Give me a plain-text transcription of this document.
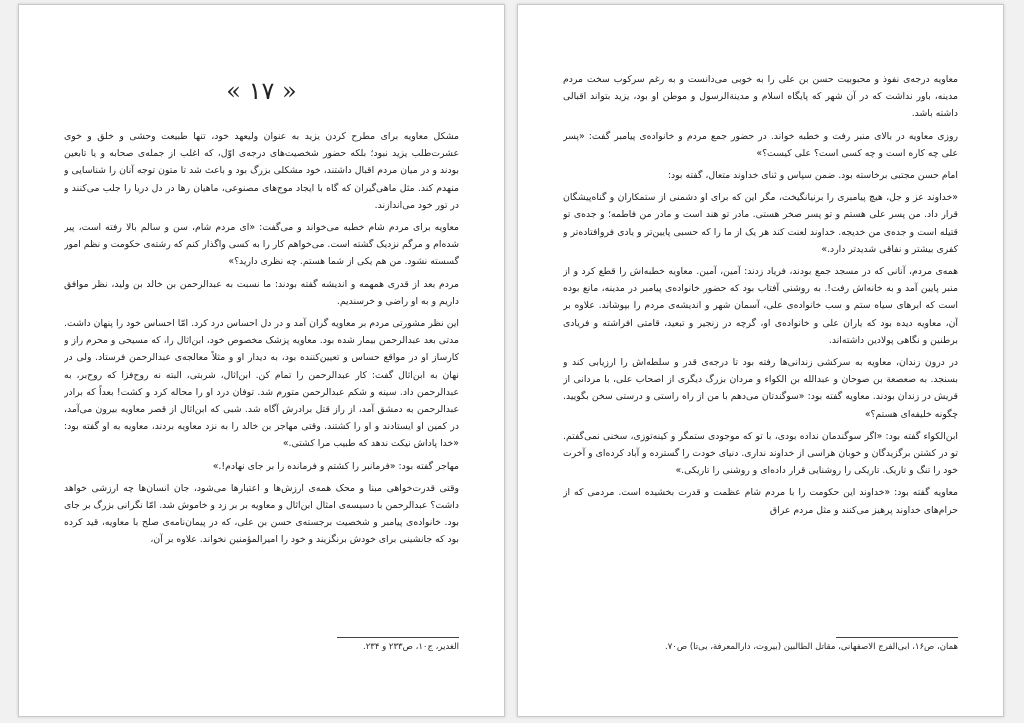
« ۱۷ »

مشکل معاویه برای مطرح کردن یزید به عنوان ولیعهد خود، تنها طبیعت وحشی و خلق و خوی عشرت‌طلب یزید نبود؛ بلکه حضور شخصیت‌های درجه‌ی اوّل، که اغلب از جمله‌ی صحابه و یا تابعین بودند و در میان مردم اقبال داشتند، خود مشکلی بزرگ بود و باعث شد تا متون توجه آنان را شناسایی و منهدم کند. مثل ماهی‌گیران که گاه با ایجاد موج‌های مصنوعی، ماهیان رها در دل دریا را جلب می‌کنند و در تور خود می‌اندازند.

معاویه برای مردم شام خطبه می‌خواند و می‌گفت: «ای مردم شام، سن و سالم بالا رفته است، پیر شده‌ام و مرگم نزدیک گشته است. می‌خواهم کار را به کسی واگذار کنم که رشته‌ی حکومت و نظم امور گسسته نشود. من هم یکی از شما هستم. چه نظری دارید؟»

مردم بعد از قدری همهمه و اندیشه گفته بودند: ما نسبت به عبدالرحمن بن خالد بن ولید، نظر موافق داریم و به او راضی و خرسندیم.

این نظر مشورتی مردم بر معاویه گران آمد و در دل احساس درد کرد. امّا احساس خود را پنهان داشت. مدتی بعد عبدالرحمن بیمار شده بود. معاویه پزشک مخصوص خود، ابن‌اثال را، که مسیحی و محرم راز و کارساز او در مواقع حساس و تعیین‌کننده بود، به دیدار او و مثلاً معالجه‌ی عبدالرحمن فرستاد. ولی در نهان به ابن‌اثال گفت: کار عبدالرحمن را تمام کن. ابن‌اثال، شربتی، البته نه روح‌فزا که روح‌بر، به عبدالرحمن داد. سینه و شکم عبدالرحمن متورم شد. توفان درد او را محاله کرد و کشت! بعداً که برادر عبدالرحمن به دمشق آمد، از راز قتل برادرش آگاه شد. شبی که ابن‌اثال از قصر معاویه بیرون می‌آمد، در کمین او ایستادند و او را کشتند. وقتی مهاجر بن خالد را به نزد معاویه بردند، معاویه به او گفته بود: «خدا پاداش نیکت ندهد که طبیب مرا کشتی.»

مهاجر گفته بود: «فرمانبر را کشتم و فرمانده را بر جای نهادم!.»

وقتی قدرت‌خواهی مبنا و محک همه‌ی ارزش‌ها و اعتبارها می‌شود، جان انسان‌ها چه ارزشی خواهد داشت؟ عبدالرحمن با دسیسه‌ی امثال ابن‌اثال و معاویه بر بر زد و خاموش شد. امّا نگرانی بزرگ بر جای بود. خانواده‌ی پیامبر و شخصیت برجسته‌ی حسن بن علی، که در پیمان‌نامه‌ی صلح با معاویه، قید کرده بود که جانشینی برای خودش برنگزیند و خود را امیرالمؤمنین نخواند. علاوه بر آن،

الغدیر، ج۱۰، ص۲۳۳ و ۲۳۴.

معاویه درجه‌ی نفوذ و محبوبیت حسن بن علی را به خوبی می‌دانست و به رغم سرکوب سخت مردم مدینه، باور نداشت که در آن شهر که پایگاه اسلام و مدینة‌الرسول و موطن او بود، یزید بتواند اقبالی داشته باشد.

روزی معاویه در بالای منبر رفت و خطبه خواند. در حضور جمع مردم و خانواده‌ی پیامبر گفت: «پسر علی چه کاره است و چه کسی است؟ علی کیست؟»

امام حسن مجتبی برخاسته بود. ضمن سپاس و ثنای خداوند متعال، گفته بود:

«خداوند عز و جل، هیچ پیامبری را برنیانگیخت، مگر این که برای او دشمنی از ستمکاران و گناه‌پیشگان قرار داد. من پسر علی هستم و تو پسر صخر هستی. مادر تو هند است و مادر من فاطمه؛ و جده‌ی تو قتیله است و جده‌ی من خدیجه. خداوند لعنت کند هر یک از ما را که حسبی پایین‌تر و یادی فروافتاده‌تر و کفری بیشتر و نفاقی شدیدتر دارد.»

همه‌ی مردم، آنانی که در مسجد جمع بودند، فریاد زدند: آمین، آمین. معاویه خطبه‌اش را قطع کرد و از منبر پایین آمد و به خانه‌اش رفت!. به روشنی آفتاب بود که حضور خانواده‌ی پیامبر در مدینه، مانع بوده است که ابرهای سیاه ستم و سب خانواده‌ی علی، آسمان شهر و اندیشه‌ی مردم را بپوشاند. علاوه بر آن، معاویه دیده بود که یاران علی و خانواده‌ی او، گرچه در زنجیر و تبعید، قامتی افراشته و فریادی برطنین و نگاهی پولادین داشته‌اند.

در درون زندان، معاویه به سرکشی زندانی‌ها رفته بود تا درجه‌ی قدر و سلطه‌اش را ارزیابی کند و بسنجد. به صعصعة بن صوحان و عبدالله بن الکواء و مردان بزرگ دیگری از اصحاب علی، با مردانی از قریش در زندان بودند. معاویه گفته بود: «سوگندتان می‌دهم با من از راه راستی و درستی سخن بگویید. چگونه خلیفه‌ای هستم؟»

ابن‌الکواء گفته بود: «اگر سوگندمان نداده بودی، با تو که موجودی ستمگر و کینه‌توزی، سخنی نمی‌گفتم. تو در کشتن برگزیدگان و خوبان هراسی از خداوند نداری. دنیای خودت را گسترده و آباد کرده‌ای و آخرت خود را تنگ و تاریک. تاریکی را روشنایی قرار داده‌ای و روشنی را تاریکی.»

معاویه گفته بود: «خداوند این حکومت را با مردم شام عظمت و قدرت بخشیده است. مردمی که از حرام‌های خداوند پرهیز می‌کنند و مثل مردم عراق

همان، ص۱۶، ابی‌الفرج الاصفهانی، مقاتل الطالبین (بیروت، دارالمعرفة، بی‌تا) ص۷۰.
